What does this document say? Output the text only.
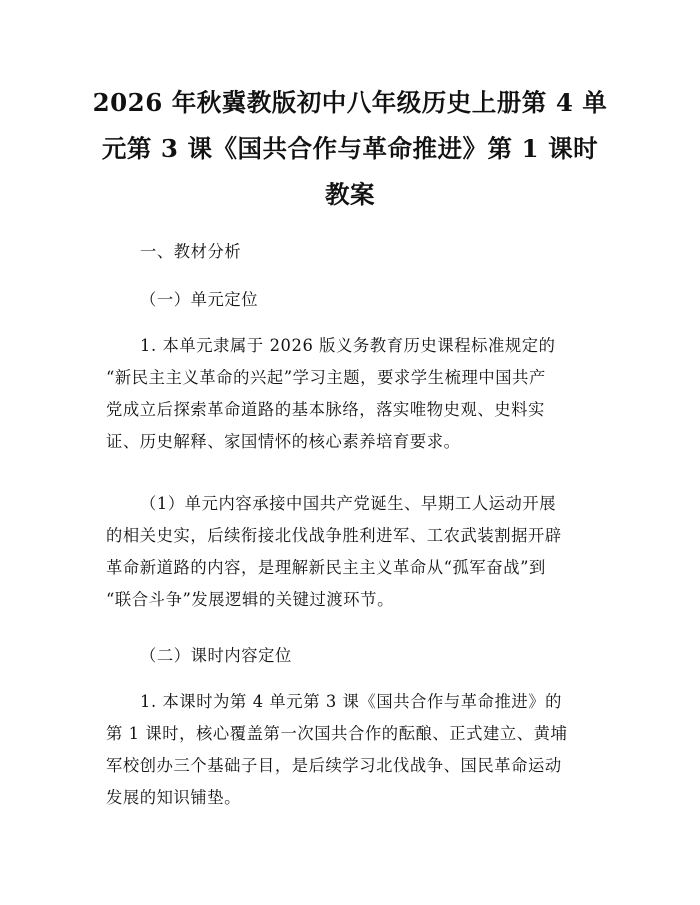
2026 年秋冀教版初中八年级历史上册第 4 单
元第 3 课《国共合作与革命推进》第 1 课时
教案
一、教材分析
（一）单元定位
1. 本单元隶属于 2026 版义务教育历史课程标准规定的
“新民主主义革命的兴起”学习主题，要求学生梳理中国共产
党成立后探索革命道路的基本脉络，落实唯物史观、史料实
证、历史解释、家国情怀的核心素养培育要求。
（1）单元内容承接中国共产党诞生、早期工人运动开展
的相关史实，后续衔接北伐战争胜利进军、工农武装割据开辟
革命新道路的内容，是理解新民主主义革命从“孤军奋战”到
“联合斗争”发展逻辑的关键过渡环节。
（二）课时内容定位
1. 本课时为第 4 单元第 3 课《国共合作与革命推进》的
第 1 课时，核心覆盖第一次国共合作的酝酿、正式建立、黄埔
军校创办三个基础子目，是后续学习北伐战争、国民革命运动
发展的知识铺垫。
